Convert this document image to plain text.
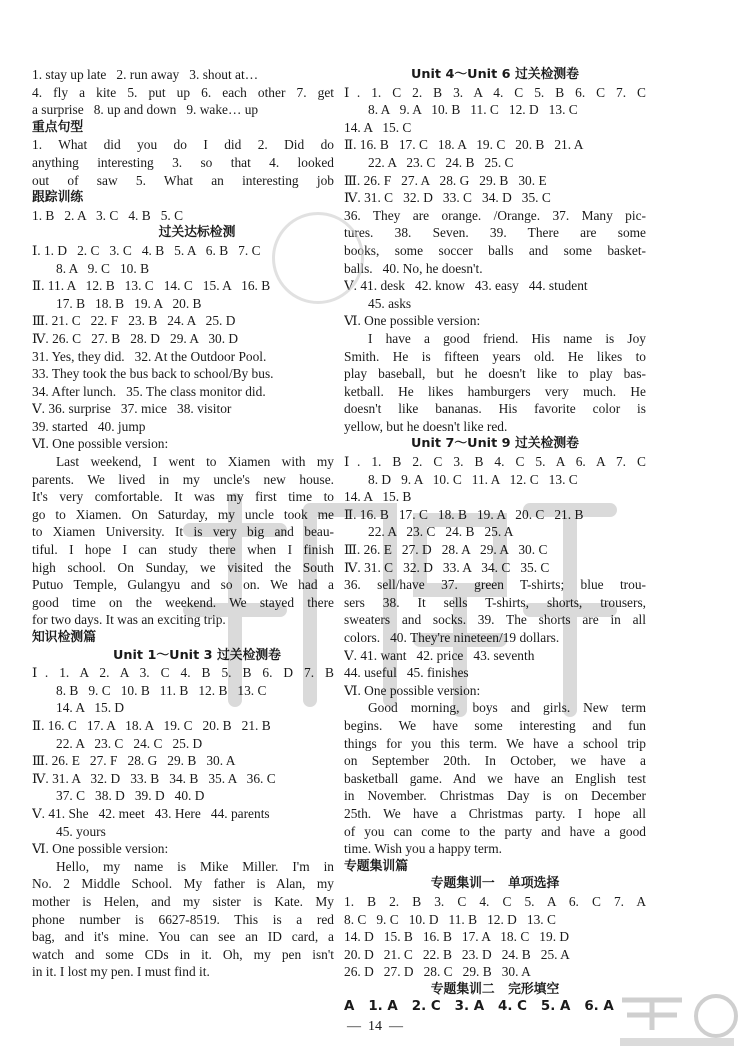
1. stay up late   2. run away   3. shout at…
4. fly a kite 5. put up 6. each other 7. get
a surprise   8. up and down   9. wake… up
重点句型
1. What did you do I did 2. Did do
anything interesting 3. so that 4. looked
out of saw 5. What an interesting job
跟踪训练
1. B   2. A   3. C   4. B   5. C
过关达标检测
Ⅰ. 1. D   2. C   3. C   4. B   5. A   6. B   7. C
8. A   9. C   10. B
Ⅱ. 11. A   12. B   13. C   14. C   15. A   16. B
17. B   18. B   19. A   20. B
Ⅲ. 21. C   22. F   23. B   24. A   25. D
Ⅳ. 26. C   27. B   28. D   29. A   30. D
31. Yes, they did.   32. At the Outdoor Pool.
33. They took the bus back to school/By bus.
34. After lunch.   35. The class monitor did.
Ⅴ. 36. surprise   37. mice   38. visitor
39. started   40. jump
Ⅵ. One possible version:
Last weekend, I went to Xiamen with my
parents. We lived in my uncle's new house.
It's very comfortable. It was my first time to
go to Xiamen. On Saturday, my uncle took me
to Xiamen University. It is very big and beau-
tiful. I hope I can study there when I finish
high school. On Sunday, we visited the South
Putuo Temple, Gulangyu and so on. We had a
good time on the weekend. We stayed there
for two days. It was an exciting trip.
知识检测篇
Unit 1～Unit 3 过关检测卷
Ⅰ. 1. A 2. A 3. C 4. B 5. B 6. D 7. B
8. B   9. C   10. B   11. B   12. B   13. C
14. A   15. D
Ⅱ. 16. C   17. A   18. A   19. C   20. B   21. B
22. A   23. C   24. C   25. D
Ⅲ. 26. E   27. F   28. G   29. B   30. A
Ⅳ. 31. A   32. D   33. B   34. B   35. A   36. C
37. C   38. D   39. D   40. D
Ⅴ. 41. She   42. meet   43. Here   44. parents
45. yours
Ⅵ. One possible version:
Hello, my name is Mike Miller. I'm in
No. 2 Middle School. My father is Alan, my
mother is Helen, and my sister is Kate. My
phone number is 6627-8519. This is a red
bag, and it's mine. You can see an ID card, a
watch and some CDs in it. Oh, my pen isn't
in it. I lost my pen. I must find it.
Unit 4～Unit 6 过关检测卷
Ⅰ. 1. C 2. B 3. A 4. C 5. B 6. C 7. C
8. A   9. A   10. B   11. C   12. D   13. C
14. A   15. C
Ⅱ. 16. B   17. C   18. A   19. C   20. B   21. A
22. A   23. C   24. B   25. C
Ⅲ. 26. F   27. A   28. G   29. B   30. E
Ⅳ. 31. C   32. D   33. C   34. D   35. C
36. They are orange. /Orange. 37. Many pic-
tures. 38. Seven. 39. There are some
books, some soccer balls and some basket-
balls.   40. No, he doesn't.
Ⅴ. 41. desk   42. know   43. easy   44. student
45. asks
Ⅵ. One possible version:
I have a good friend. His name is Joy
Smith. He is fifteen years old. He likes to
play baseball, but he doesn't like to play bas-
ketball. He likes hamburgers very much. He
doesn't like bananas. His favorite color is
yellow, but he doesn't like red.
Unit 7～Unit 9 过关检测卷
Ⅰ. 1. B 2. C 3. B 4. C 5. A 6. A 7. C
8. D   9. A   10. C   11. A   12. C   13. C
14. A   15. B
Ⅱ. 16. B   17. C   18. B   19. A   20. C   21. B
22. A   23. C   24. B   25. A
Ⅲ. 26. E   27. D   28. A   29. A   30. C
Ⅳ. 31. C   32. D   33. A   34. C   35. C
36. sell/have 37. green T-shirts; blue trou-
sers 38. It sells T-shirts, shorts, trousers,
sweaters and socks. 39. The shorts are in all
colors.   40. They're nineteen/19 dollars.
Ⅴ. 41. want   42. price   43. seventh
44. useful   45. finishes
Ⅵ. One possible version:
Good morning, boys and girls. New term
begins. We have some interesting and fun
things for you this term. We have a school trip
on September 20th. In October, we have a
basketball game. And we have an English test
in November. Christmas Day is on December
25th. We have a Christmas party. I hope all
of you can come to the party and have a good
time. Wish you a happy term.
专题集训篇
专题集训一   单项选择
1. B 2. B 3. C 4. C 5. A 6. C 7. A
8. C   9. C   10. D   11. B   12. D   13. C
14. D   15. B   16. B   17. A   18. C   19. D
20. D   21. C   22. B   23. D   24. B   25. A
26. D   27. D   28. C   29. B   30. A
专题集训二   完形填空
A   1. A   2. C   3. A   4. C   5. A   6. A
—  14  —
